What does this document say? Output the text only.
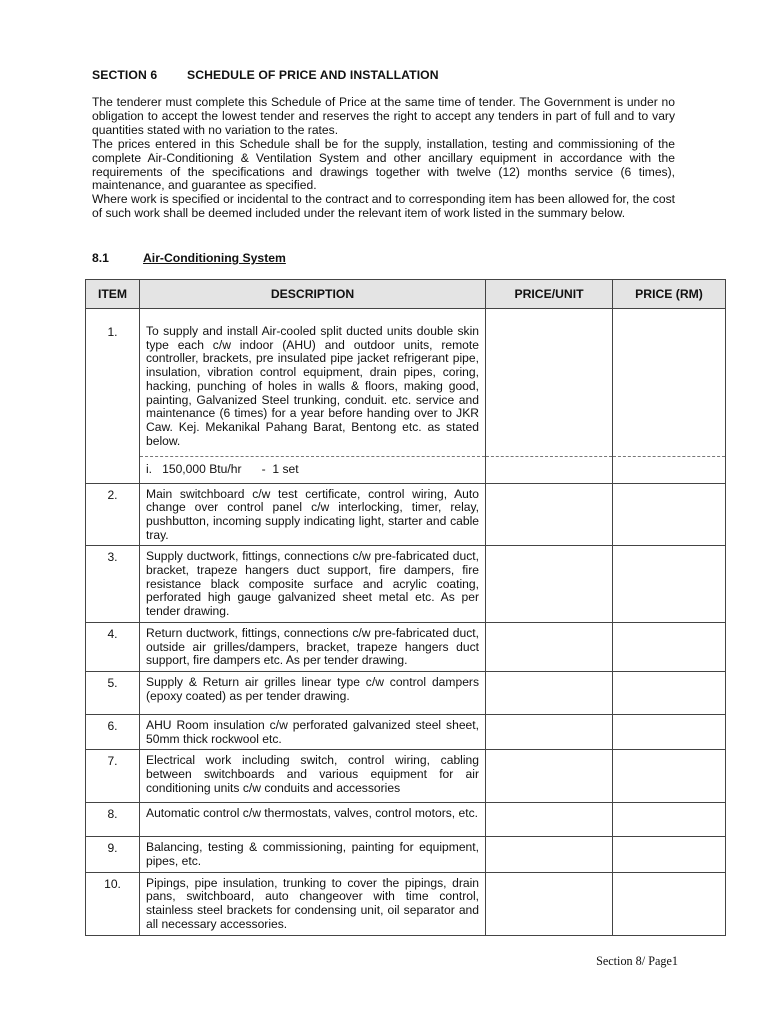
SECTION 6 SCHEDULE OF PRICE AND INSTALLATION

The tenderer must complete this Schedule of Price at the same time of tender. The Government is under no obligation to accept the lowest tender and reserves the right to accept any tenders in part of full and to vary quantities stated with no variation to the rates.

The prices entered in this Schedule shall be for the supply, installation, testing and commissioning of the complete Air-Conditioning & Ventilation System and other ancillary equipment in accordance with the requirements of the specifications and drawings together with twelve (12) months service (6 times), maintenance, and guarantee as specified.

Where work is specified or incidental to the contract and to corresponding item has been allowed for, the cost of such work shall be deemed included under the relevant item of work listed in the summary below.

8.1	Air-Conditioning System
ITEM	DESCRIPTION	PRICE/UNIT	PRICE (RM)

1.	To supply and install Air-cooled split ducted units double skin type each c/w indoor (AHU) and outdoor units, remote controller, brackets, pre insulated pipe jacket refrigerant pipe, insulation, vibration control equipment, drain pipes, coring, hacking, punching of holes in walls & floors, making good, painting, Galvanized Steel trunking, conduit. etc. service and maintenance (6 times) for a year before handing over to JKR Caw. Kej. Mekanikal Pahang Barat, Bentong etc. as stated below.		
	i.   150,000 Btu/hr      -  1 set		
2.	Main switchboard c/w test certificate, control wiring, Auto change over control panel c/w interlocking, timer, relay, pushbutton, incoming supply indicating light, starter and cable tray.		
3.	Supply ductwork, fittings, connections c/w pre-fabricated duct, bracket, trapeze hangers duct support, fire dampers, fire resistance black composite surface and acrylic coating, perforated high gauge galvanized sheet metal etc. As per tender drawing.		
4.	Return ductwork, fittings, connections c/w pre-fabricated duct, outside air grilles/dampers, bracket, trapeze hangers duct support, fire dampers etc. As per tender drawing.		
5.	Supply & Return air grilles linear type c/w control dampers (epoxy coated) as per tender drawing.		
6.	AHU Room insulation c/w perforated galvanized steel sheet, 50mm thick rockwool etc.		
7.	Electrical work including switch, control wiring, cabling between switchboards and various equipment for air conditioning units c/w conduits and accessories		
8.	Automatic control c/w thermostats, valves, control motors, etc.		
9.	Balancing, testing & commissioning, painting for equipment, pipes, etc.		
10.	Pipings, pipe insulation, trunking to cover the pipings, drain pans, switchboard, auto changeover with time control, stainless steel brackets for condensing unit, oil separator and all necessary accessories.		
Section 8/ Page1
